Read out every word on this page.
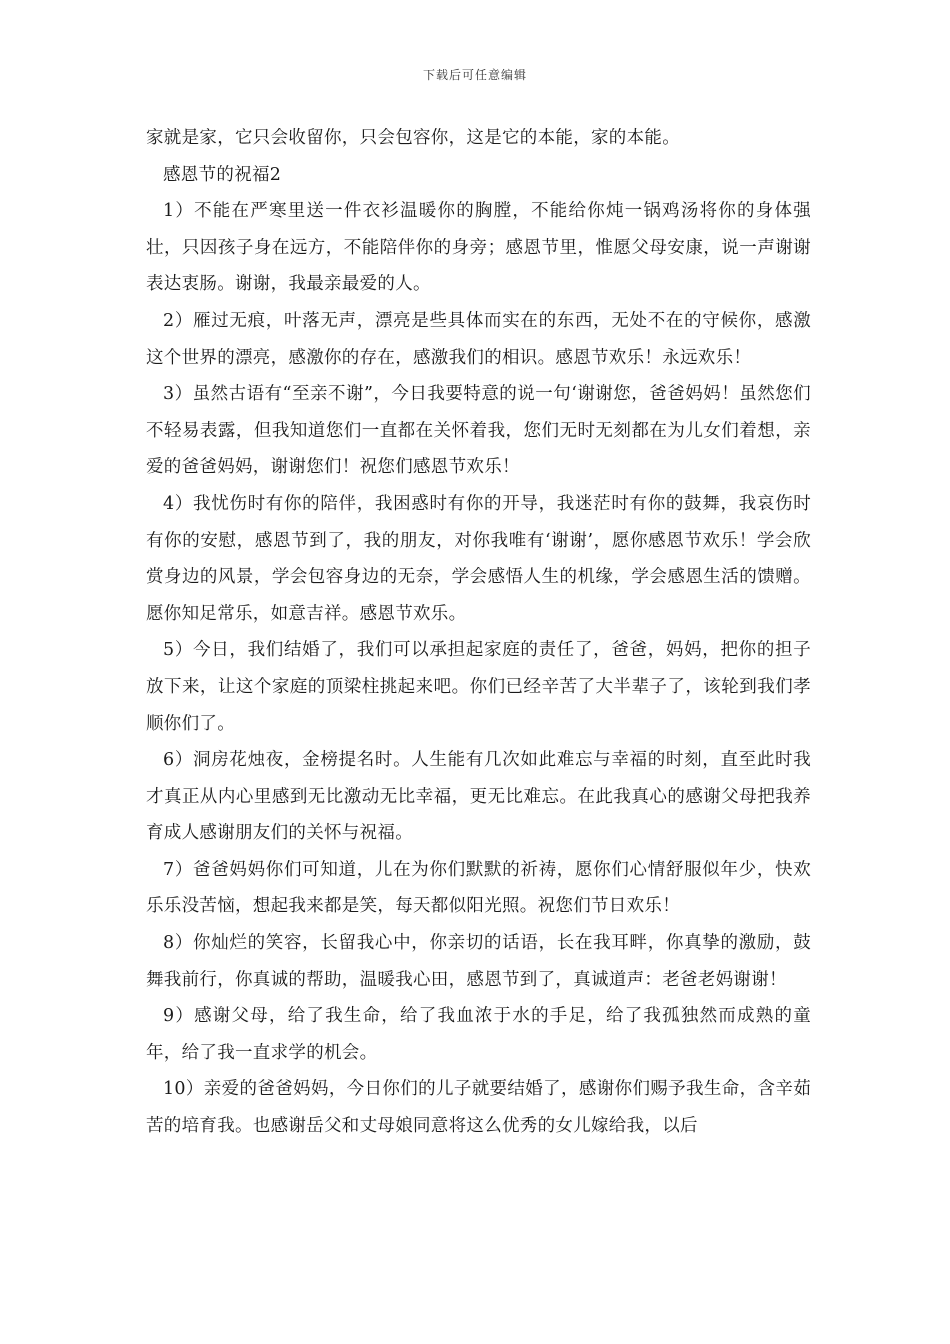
下载后可任意编辑

家就是家，它只会收留你，只会包容你，这是它的本能，家的本能。

感恩节的祝福2

1）不能在严寒里送一件衣衫温暖你的胸膛，不能给你炖一锅鸡汤将你的身体强壮，只因孩子身在远方，不能陪伴你的身旁；感恩节里，惟愿父母安康，说一声谢谢表达衷肠。谢谢，我最亲最爱的人。

2）雁过无痕，叶落无声，漂亮是些具体而实在的东西，无处不在的守候你，感激这个世界的漂亮，感激你的存在，感激我们的相识。感恩节欢乐！永远欢乐！

3）虽然古语有“至亲不谢”，今日我要特意的说一句‘谢谢您，爸爸妈妈！虽然您们不轻易表露，但我知道您们一直都在关怀着我，您们无时无刻都在为儿女们着想，亲爱的爸爸妈妈，谢谢您们！祝您们感恩节欢乐！

4）我忧伤时有你的陪伴，我困惑时有你的开导，我迷茫时有你的鼓舞，我哀伤时有你的安慰，感恩节到了，我的朋友，对你我唯有‘谢谢’，愿你感恩节欢乐！学会欣赏身边的风景，学会包容身边的无奈，学会感悟人生的机缘，学会感恩生活的馈赠。愿你知足常乐，如意吉祥。感恩节欢乐。

5）今日，我们结婚了，我们可以承担起家庭的责任了，爸爸，妈妈，把你的担子放下来，让这个家庭的顶梁柱挑起来吧。你们已经辛苦了大半辈子了，该轮到我们孝顺你们了。

6）洞房花烛夜，金榜提名时。人生能有几次如此难忘与幸福的时刻，直至此时我才真正从内心里感到无比激动无比幸福，更无比难忘。在此我真心的感谢父母把我养育成人感谢朋友们的关怀与祝福。

7）爸爸妈妈你们可知道，儿在为你们默默的祈祷，愿你们心情舒服似年少，快欢乐乐没苦恼，想起我来都是笑，每天都似阳光照。祝您们节日欢乐！

8）你灿烂的笑容，长留我心中，你亲切的话语，长在我耳畔，你真挚的激励，鼓舞我前行，你真诚的帮助，温暖我心田，感恩节到了，真诚道声：老爸老妈谢谢！

9）感谢父母，给了我生命，给了我血浓于水的手足，给了我孤独然而成熟的童年，给了我一直求学的机会。

10）亲爱的爸爸妈妈，今日你们的儿子就要结婚了，感谢你们赐予我生命，含辛茹苦的培育我。也感谢岳父和丈母娘同意将这么优秀的女儿嫁给我，以后
